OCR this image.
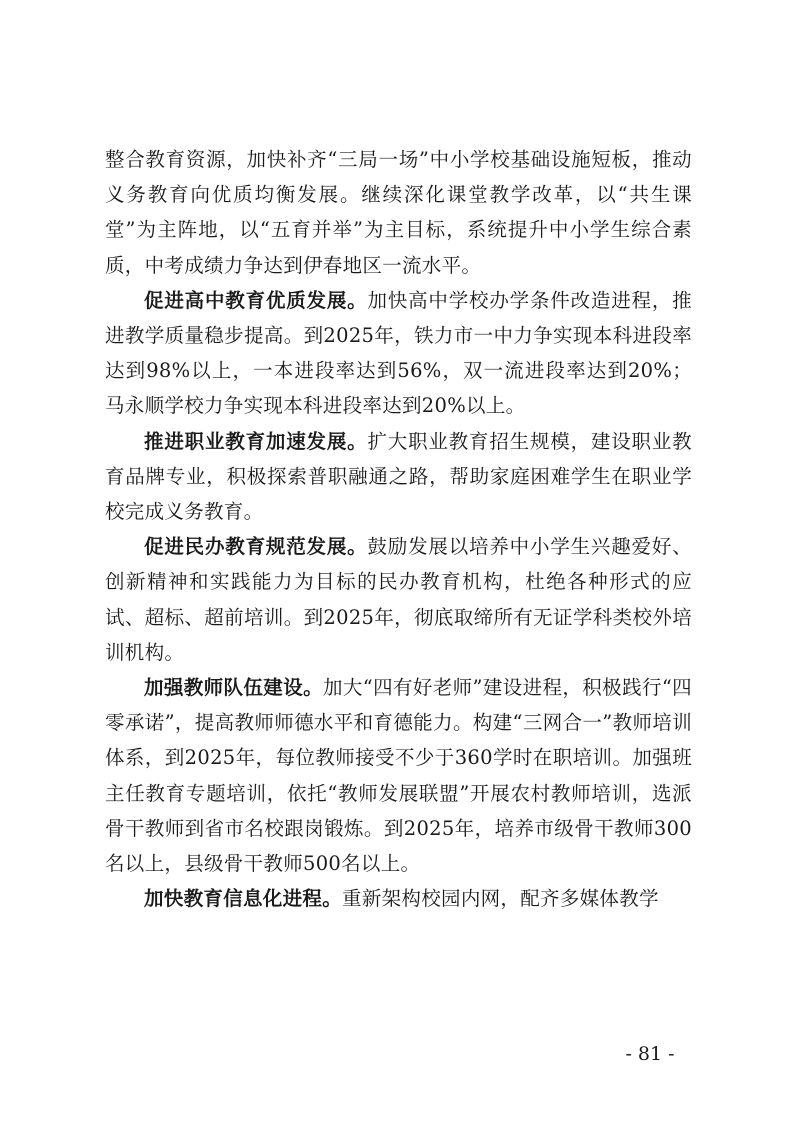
整合教育资源，加快补齐“三局一场”中小学校基础设施短板，推动义务教育向优质均衡发展。继续深化课堂教学改革，以“共生课堂”为主阵地，以“五育并举”为主目标，系统提升中小学生综合素质，中考成绩力争达到伊春地区一流水平。

促进高中教育优质发展。加快高中学校办学条件改造进程，推进教学质量稳步提高。到2025年，铁力市一中力争实现本科进段率达到98%以上，一本进段率达到56%，双一流进段率达到20%；马永顺学校力争实现本科进段率达到20%以上。

推进职业教育加速发展。扩大职业教育招生规模，建设职业教育品牌专业，积极探索普职融通之路，帮助家庭困难学生在职业学校完成义务教育。

促进民办教育规范发展。鼓励发展以培养中小学生兴趣爱好、创新精神和实践能力为目标的民办教育机构，杜绝各种形式的应试、超标、超前培训。到2025年，彻底取缔所有无证学科类校外培训机构。

加强教师队伍建设。加大“四有好老师”建设进程，积极践行“四零承诺”，提高教师师德水平和育德能力。构建“三网合一”教师培训体系，到2025年，每位教师接受不少于360学时在职培训。加强班主任教育专题培训，依托“教师发展联盟”开展农村教师培训，选派骨干教师到省市名校跟岗锻炼。到2025年，培养市级骨干教师300名以上，县级骨干教师500名以上。

加快教育信息化进程。重新架构校园内网，配齐多媒体教学

- 81 -
